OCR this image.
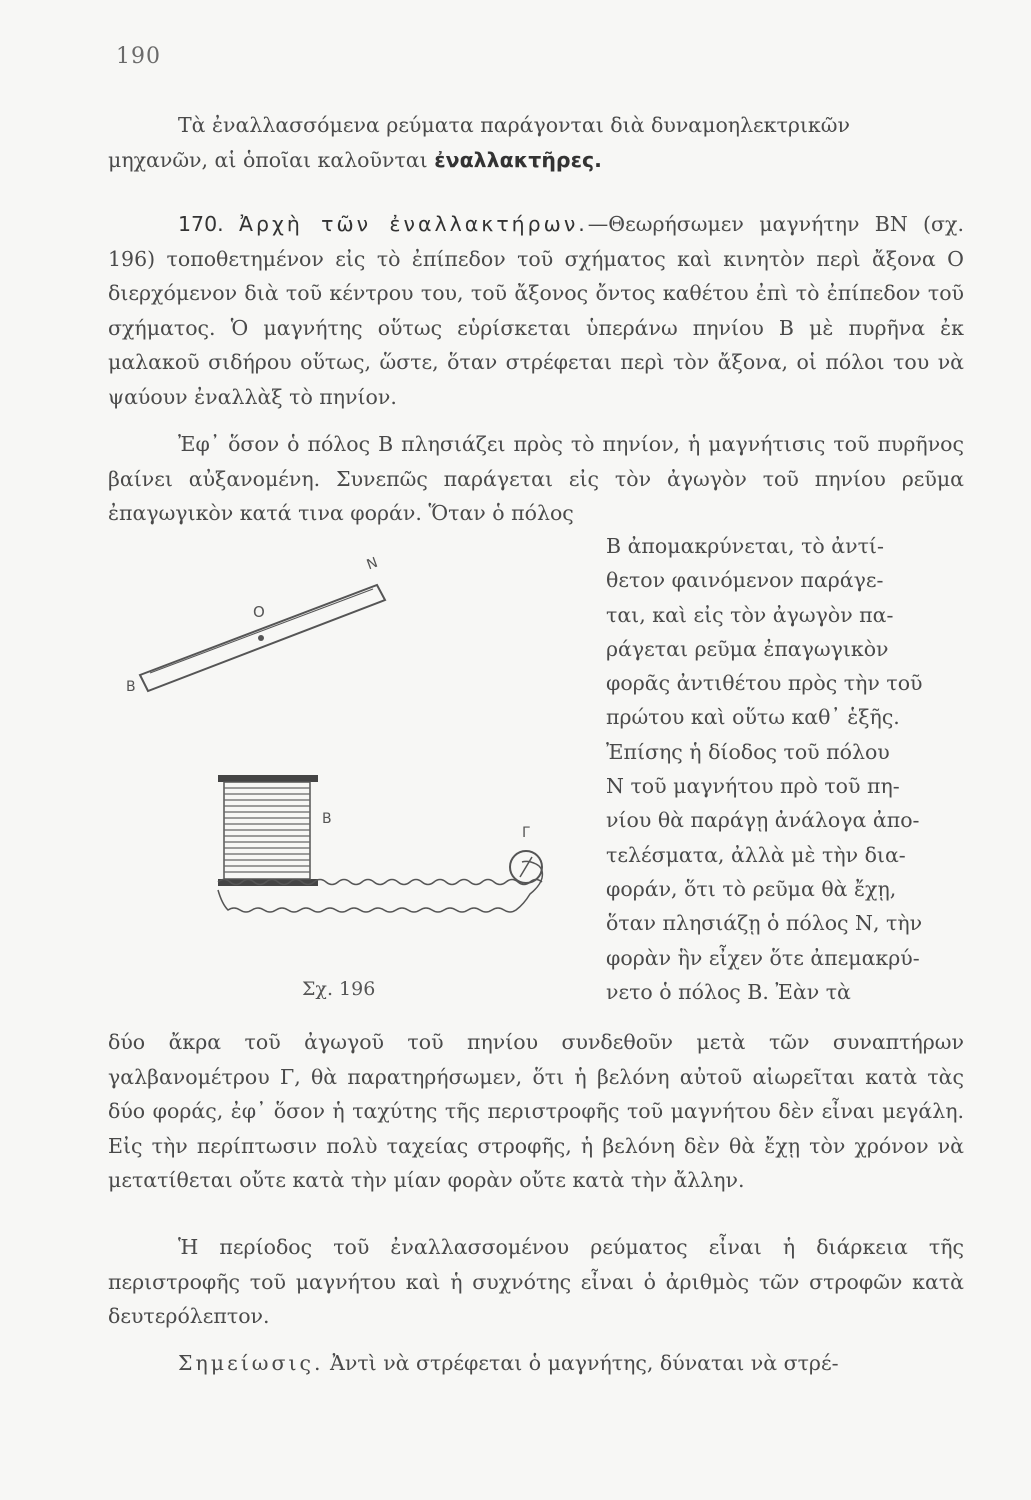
190

Τὰ ἐναλλασσόμενα ρεύματα παράγονται διὰ δυναμοηλεκτρικῶν
μηχανῶν, αἱ ὁποῖαι καλοῦνται ἐναλλακτῆρες.

170. Ἀρχὴ τῶν ἐναλλακτήρων.—Θεωρήσωμεν μαγνήτην ΒΝ (σχ. 196) τοποθετημένον εἰς τὸ ἐπίπεδον τοῦ σχήματος καὶ κινητὸν περὶ ἄξονα Ο διερχόμενον διὰ τοῦ κέντρου του, τοῦ ἄξονος ὄντος καθέτου ἐπὶ τὸ ἐπίπεδον τοῦ σχήματος. Ὁ μαγνήτης οὕτως εὑρίσκεται ὑπεράνω πηνίου Β μὲ πυρῆνα ἐκ μαλακοῦ σιδήρου οὕτως, ὥστε, ὅταν στρέφεται περὶ τὸν ἄξονα, οἱ πόλοι του νὰ ψαύουν ἐναλλὰξ τὸ πηνίον.

Ἐφ᾽ ὅσον ὁ πόλος Β πλησιάζει πρὸς τὸ πηνίον, ἡ μαγνήτισις τοῦ πυρῆνος βαίνει αὐξανομένη. Συνεπῶς παράγεται εἰς τὸν ἀγωγὸν τοῦ πηνίου ρεῦμα ἐπαγωγικὸν κατά τινα φοράν. Ὅταν ὁ πόλος

O
N
B
B
Γ
Σχ. 196

Β ἀπομακρύνεται, τὸ ἀντί-
θετον φαινόμενον παράγε-
ται, καὶ εἰς τὸν ἀγωγὸν πα-
ράγεται ρεῦμα ἐπαγωγικὸν
φορᾶς ἀντιθέτου πρὸς τὴν τοῦ
πρώτου καὶ οὕτω καθ᾽ ἑξῆς.
Ἐπίσης ἡ δίοδος τοῦ πόλου
Ν τοῦ μαγνήτου πρὸ τοῦ πη-
νίου θὰ παράγῃ ἀνάλογα ἀπο-
τελέσματα, ἀλλὰ μὲ τὴν δια-
φοράν, ὅτι τὸ ρεῦμα θὰ ἔχῃ,
ὅταν πλησιάζῃ ὁ πόλος Ν, τὴν
φορὰν ἣν εἶχεν ὅτε ἀπεμακρύ-
νετο ὁ πόλος Β. Ἐὰν τὰ

δύο ἄκρα τοῦ ἀγωγοῦ τοῦ πηνίου συνδεθοῦν μετὰ τῶν συναπτήρων γαλβανομέτρου Γ, θὰ παρατηρήσωμεν, ὅτι ἡ βελόνη αὐτοῦ αἰωρεῖται κατὰ τὰς δύο φοράς, ἐφ᾽ ὅσον ἡ ταχύτης τῆς περιστροφῆς τοῦ μαγνήτου δὲν εἶναι μεγάλη. Εἰς τὴν περίπτωσιν πολὺ ταχείας στροφῆς, ἡ βελόνη δὲν θὰ ἔχῃ τὸν χρόνον νὰ μετατίθεται οὔτε κατὰ τὴν μίαν φορὰν οὔτε κατὰ τὴν ἄλλην.

Ἡ περίοδος τοῦ ἐναλλασσομένου ρεύματος εἶναι ἡ διάρκεια τῆς περιστροφῆς τοῦ μαγνήτου καὶ ἡ συχνότης εἶναι ὁ ἀριθμὸς τῶν στροφῶν κατὰ δευτερόλεπτον.

Σημείωσις. Ἀντὶ νὰ στρέφεται ὁ μαγνήτης, δύναται νὰ στρέ-
